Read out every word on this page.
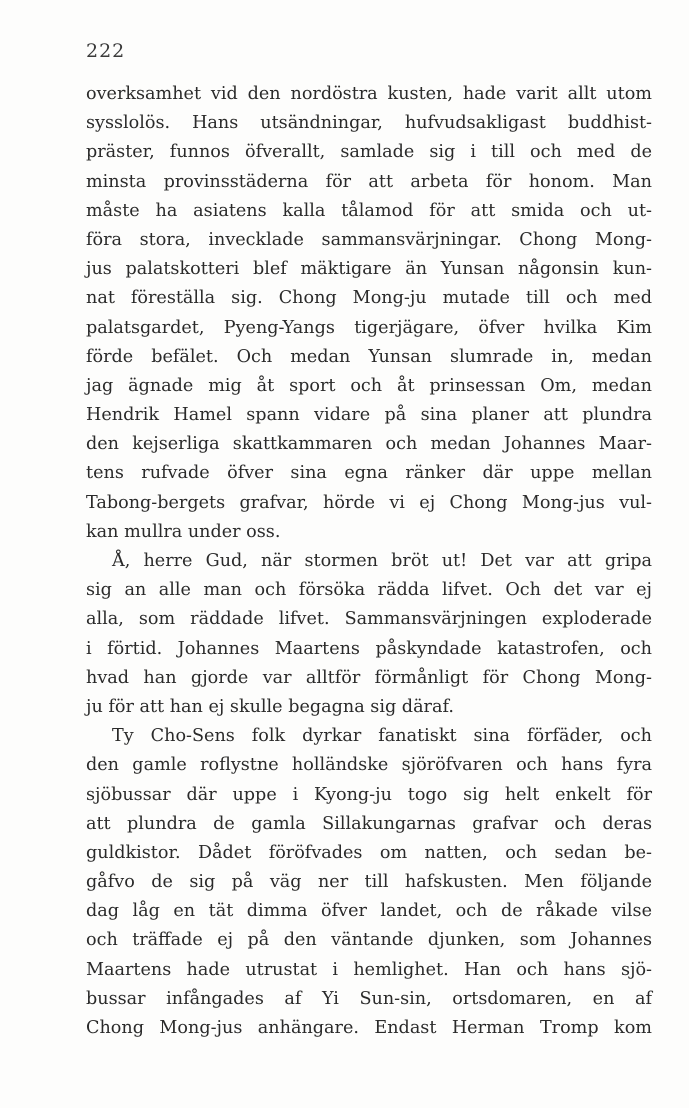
222
overksamhet vid den nordöstra kusten, hade varit allt utom
sysslolös. Hans utsändningar, hufvudsakligast buddhist-
präster, funnos öfverallt, samlade sig i till och med de
minsta provinsstäderna för att arbeta för honom. Man
måste ha asiatens kalla tålamod för att smida och ut-
föra stora, invecklade sammansvärjningar. Chong Mong-
jus palatskotteri blef mäktigare än Yunsan någonsin kun-
nat föreställa sig. Chong Mong-ju mutade till och med
palatsgardet, Pyeng-Yangs tigerjägare, öfver hvilka Kim
förde befälet. Och medan Yunsan slumrade in, medan
jag ägnade mig åt sport och åt prinsessan Om, medan
Hendrik Hamel spann vidare på sina planer att plundra
den kejserliga skattkammaren och medan Johannes Maar-
tens rufvade öfver sina egna ränker där uppe mellan
Tabong-bergets grafvar, hörde vi ej Chong Mong-jus vul-
kan mullra under oss.
Å, herre Gud, när stormen bröt ut! Det var att gripa
sig an alle man och försöka rädda lifvet. Och det var ej
alla, som räddade lifvet. Sammansvärjningen exploderade
i förtid. Johannes Maartens påskyndade katastrofen, och
hvad han gjorde var alltför förmånligt för Chong Mong-
ju för att han ej skulle begagna sig däraf.
Ty Cho-Sens folk dyrkar fanatiskt sina förfäder, och
den gamle roflystne holländske sjöröfvaren och hans fyra
sjöbussar där uppe i Kyong-ju togo sig helt enkelt för
att plundra de gamla Sillakungarnas grafvar och deras
guldkistor. Dådet föröfvades om natten, och sedan be-
gåfvo de sig på väg ner till hafskusten. Men följande
dag låg en tät dimma öfver landet, och de råkade vilse
och träffade ej på den väntande djunken, som Johannes
Maartens hade utrustat i hemlighet. Han och hans sjö-
bussar infångades af Yi Sun-sin, ortsdomaren, en af
Chong Mong-jus anhängare. Endast Herman Tromp kom
